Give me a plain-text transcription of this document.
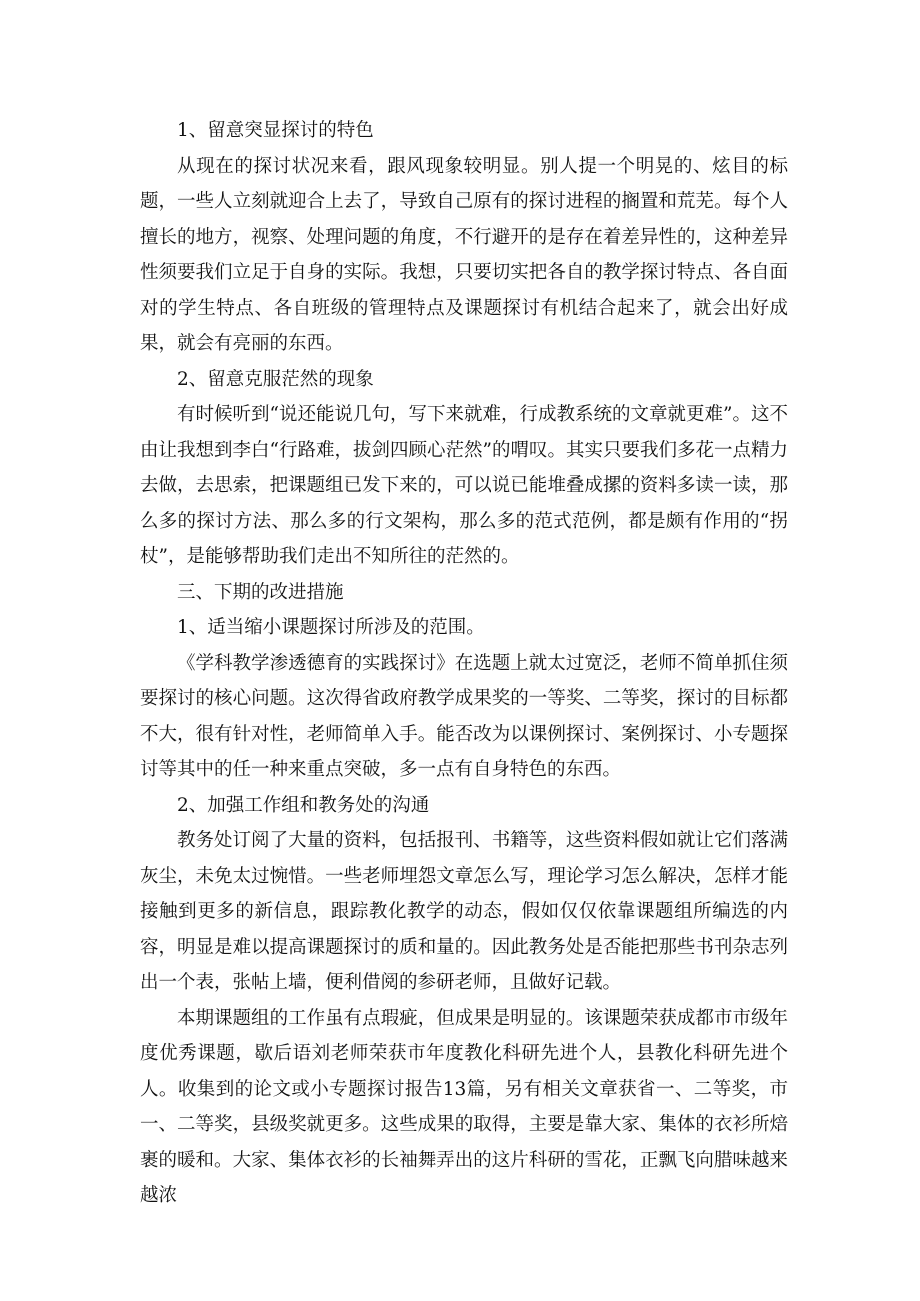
1、留意突显探讨的特色

从现在的探讨状况来看，跟风现象较明显。别人提一个明晃的、炫目的标题，一些人立刻就迎合上去了，导致自己原有的探讨进程的搁置和荒芜。每个人擅长的地方，视察、处理问题的角度，不行避开的是存在着差异性的，这种差异性须要我们立足于自身的实际。我想，只要切实把各自的教学探讨特点、各自面对的学生特点、各自班级的管理特点及课题探讨有机结合起来了，就会出好成果，就会有亮丽的东西。

2、留意克服茫然的现象

有时候听到“说还能说几句，写下来就难，行成教系统的文章就更难”。这不由让我想到李白“行路难，拔剑四顾心茫然”的喟叹。其实只要我们多花一点精力去做，去思索，把课题组已发下来的，可以说已能堆叠成摞的资料多读一读，那么多的探讨方法、那么多的行文架构，那么多的范式范例，都是颇有作用的“拐杖”，是能够帮助我们走出不知所往的茫然的。

三、下期的改进措施

1、适当缩小课题探讨所涉及的范围。

《学科教学渗透德育的实践探讨》在选题上就太过宽泛，老师不简单抓住须要探讨的核心问题。这次得省政府教学成果奖的一等奖、二等奖，探讨的目标都不大，很有针对性，老师简单入手。能否改为以课例探讨、案例探讨、小专题探讨等其中的任一种来重点突破，多一点有自身特色的东西。

2、加强工作组和教务处的沟通

教务处订阅了大量的资料，包括报刊、书籍等，这些资料假如就让它们落满灰尘，未免太过惋惜。一些老师埋怨文章怎么写，理论学习怎么解决，怎样才能接触到更多的新信息，跟踪教化教学的动态，假如仅仅依靠课题组所编选的内容，明显是难以提高课题探讨的质和量的。因此教务处是否能把那些书刊杂志列出一个表，张帖上墙，便利借阅的参研老师，且做好记载。

本期课题组的工作虽有点瑕疵，但成果是明显的。该课题荣获成都市市级年度优秀课题，歇后语刘老师荣获市年度教化科研先进个人，县教化科研先进个人。收集到的论文或小专题探讨报告13篇，另有相关文章获省一、二等奖，市一、二等奖，县级奖就更多。这些成果的取得，主要是靠大家、集体的衣衫所焙裹的暖和。大家、集体衣衫的长袖舞弄出的这片科研的雪花，正飘飞向腊味越来越浓
